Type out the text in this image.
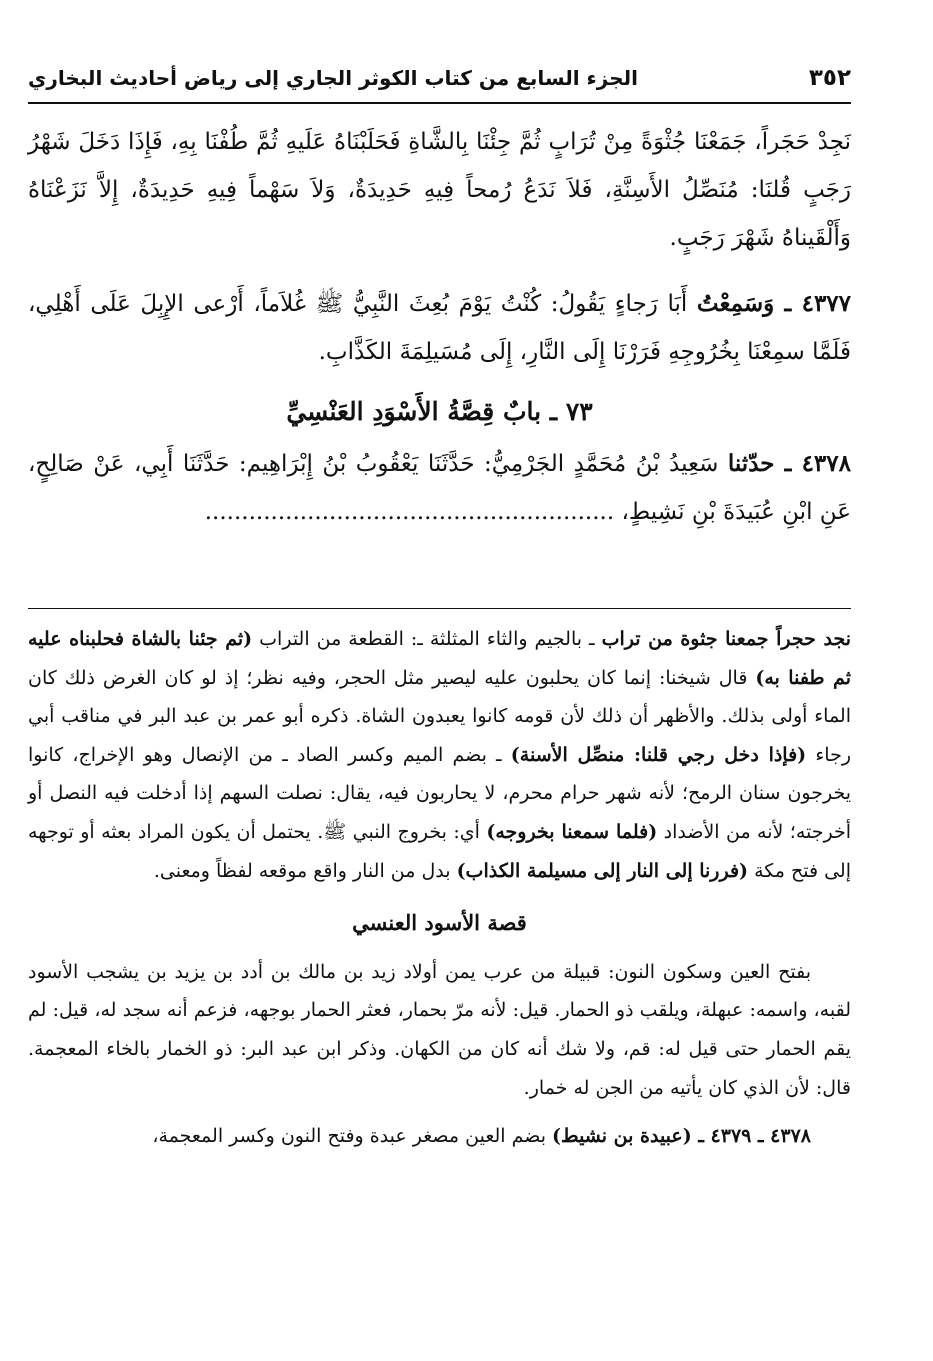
٣٥٢
الجزء السابع من كتاب الكوثر الجاري إلى رياض أحاديث البخاري

نَجِدْ حَجَراً، جَمَعْنَا جُثْوَةً مِنْ تُرَابٍ ثُمَّ جِئْنَا بِالشَّاةِ فَحَلَبْنَاهُ عَلَيهِ ثُمَّ طُفْنَا بِهِ، فَإِذَا دَخَلَ شَهْرُ رَجَبٍ قُلنَا: مُنَصِّلُ الأَسِنَّةِ، فَلاَ نَدَعُ رُمحاً فِيهِ حَدِيدَةٌ، وَلاَ سَهْماً فِيهِ حَدِيدَةٌ، إِلاَّ نَزَعْنَاهُ وَأَلْقَيناهُ شَهْرَ رَجَبٍ.

٤٣٧٧ ـ وَسَمِعْتُ أَبَا رَجاءٍ يَقُولُ: كُنْتُ يَوْمَ بُعِثَ النَّبِيُّ ﷺ غُلاَماً، أَرْعى الإِبِلَ عَلَى أَهْلِي، فَلَمَّا سمِعْنَا بِخُرُوجِهِ فَرَرْنَا إِلَى النَّارِ، إِلَى مُسَيلِمَةَ الكَذَّابِ.

٧٣ ـ بابٌ قِصَّةُ الأَسْوَدِ العَنْسِيِّ

٤٣٧٨ ـ حدّثنا سَعِيدُ بْنُ مُحَمَّدٍ الجَرْمِيُّ: حَدَّثَنَا يَعْقُوبُ بْنُ إِبْرَاهِيم: حَدَّثَنَا أَبِي، عَنْ صَالِحٍ، عَنِ ابْنِ عُبَيدَةَ بْنِ نَشِيطٍ، ........................................................

نجد حجراً جمعنا جثوة من تراب ـ بالجيم والثاء المثلثة ـ: القطعة من التراب (ثم جئنا بالشاة فحلبناه عليه ثم طفنا به) قال شيخنا: إنما كان يحلبون عليه ليصير مثل الحجر، وفيه نظر؛ إذ لو كان الغرض ذلك كان الماء أولى بذلك. والأظهر أن ذلك لأن قومه كانوا يعبدون الشاة. ذكره أبو عمر بن عبد البر في مناقب أبي رجاء (فإذا دخل رجي قلنا: منصِّل الأسنة) ـ بضم الميم وكسر الصاد ـ من الإنصال وهو الإخراج، كانوا يخرجون سنان الرمح؛ لأنه شهر حرام محرم، لا يحاربون فيه، يقال: نصلت السهم إذا أدخلت فيه النصل أو أخرجته؛ لأنه من الأضداد (فلما سمعنا بخروجه) أي: بخروج النبي ﷺ. يحتمل أن يكون المراد بعثه أو توجهه إلى فتح مكة (فررنا إلى النار إلى مسيلمة الكذاب) بدل من النار واقع موقعه لفظاً ومعنى.

قصة الأسود العنسي

بفتح العين وسكون النون: قبيلة من عرب يمن أولاد زيد بن مالك بن أدد بن يزيد بن يشجب الأسود لقبه، واسمه: عبهلة، ويلقب ذو الحمار. قيل: لأنه مرّ بحمار، فعثر الحمار بوجهه، فزعم أنه سجد له، قيل: لم يقم الحمار حتى قيل له: قم، ولا شك أنه كان من الكهان. وذكر ابن عبد البر: ذو الخمار بالخاء المعجمة. قال: لأن الذي كان يأتيه من الجن له خمار.

٤٣٧٨ ـ ٤٣٧٩ ـ (عبيدة بن نشيط) بضم العين مصغر عبدة وفتح النون وكسر المعجمة،
